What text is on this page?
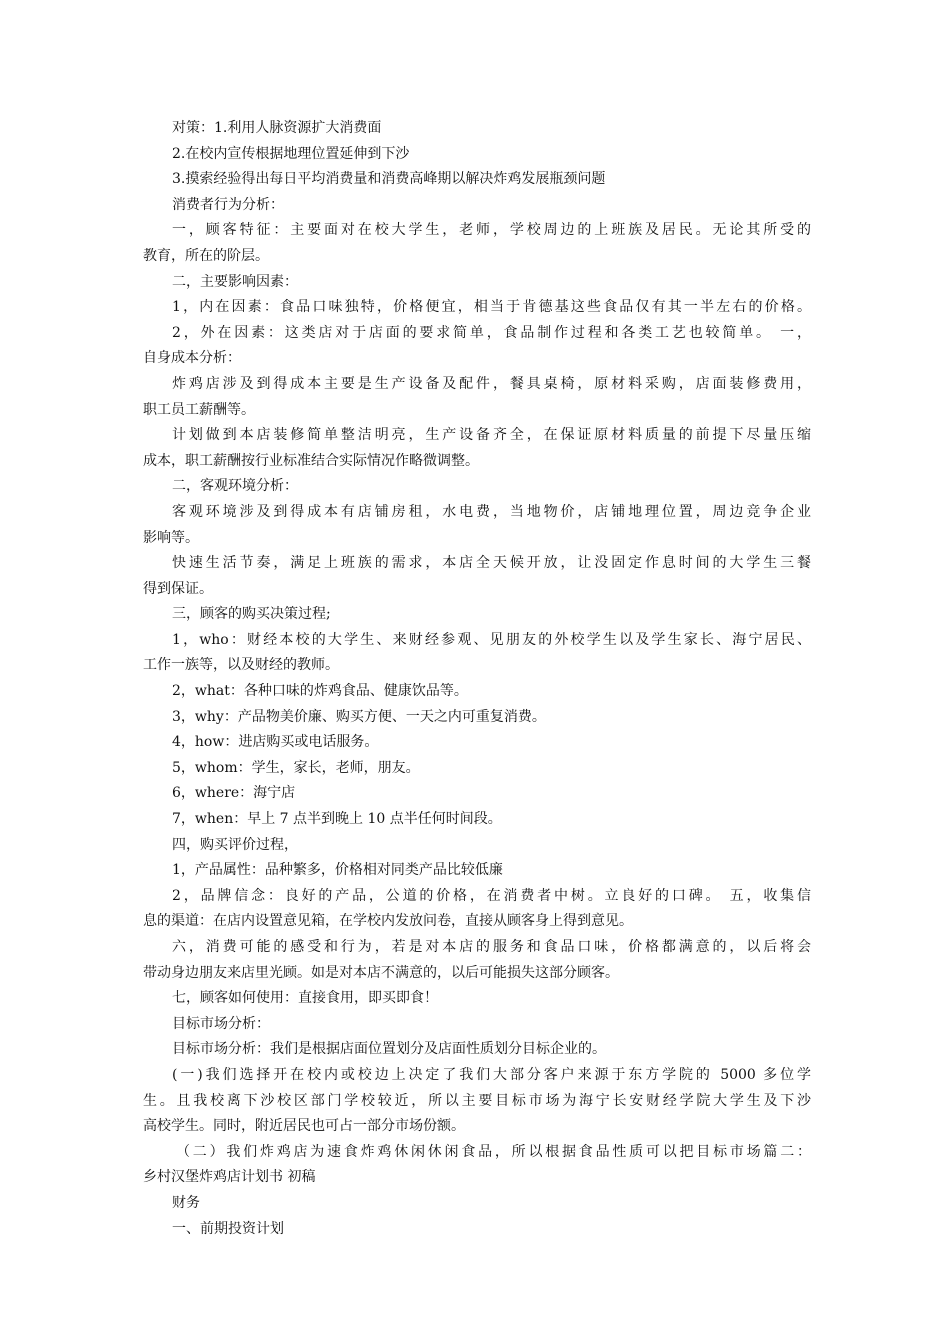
对策：1.利用人脉资源扩大消费面

2.在校内宣传根据地理位置延伸到下沙

3.摸索经验得出每日平均消费量和消费高峰期以解决炸鸡发展瓶颈问题

消费者行为分析：

一，顾客特征：主要面对在校大学生，老师，学校周边的上班族及居民。无论其所受的

教育，所在的阶层。

二，主要影响因素：

1，内在因素：食品口味独特，价格便宜，相当于肯德基这些食品仅有其一半左右的价格。

2，外在因素：这类店对于店面的要求简单，食品制作过程和各类工艺也较简单。 一，

自身成本分析：

炸鸡店涉及到得成本主要是生产设备及配件，餐具桌椅，原材料采购，店面装修费用，

职工员工薪酬等。

计划做到本店装修简单整洁明亮，生产设备齐全，在保证原材料质量的前提下尽量压缩

成本，职工薪酬按行业标准结合实际情况作略微调整。

二，客观环境分析：

客观环境涉及到得成本有店铺房租，水电费，当地物价，店铺地理位置，周边竞争企业

影响等。

快速生活节奏，满足上班族的需求，本店全天候开放，让没固定作息时间的大学生三餐

得到保证。

三，顾客的购买决策过程;

1，who：财经本校的大学生、来财经参观、见朋友的外校学生以及学生家长、海宁居民、

工作一族等，以及财经的教师。

2，what：各种口味的炸鸡食品、健康饮品等。

3，why：产品物美价廉、购买方便、一天之内可重复消费。

4，how：进店购买或电话服务。

5，whom：学生，家长，老师，朋友。

6，where：海宁店

7，when：早上 7 点半到晚上 10 点半任何时间段。

四，购买评价过程，

1，产品属性：品种繁多，价格相对同类产品比较低廉

2，品牌信念：良好的产品，公道的价格，在消费者中树。立良好的口碑。 五，收集信

息的渠道：在店内设置意见箱，在学校内发放问卷，直接从顾客身上得到意见。

六，消费可能的感受和行为，若是对本店的服务和食品口味，价格都满意的，以后将会

带动身边朋友来店里光顾。如是对本店不满意的，以后可能损失这部分顾客。

七，顾客如何使用：直接食用，即买即食！

目标市场分析：

目标市场分析：我们是根据店面位置划分及店面性质划分目标企业的。

(一)我们选择开在校内或校边上决定了我们大部分客户来源于东方学院的 5000 多位学

生。且我校离下沙校区部门学校较近，所以主要目标市场为海宁长安财经学院大学生及下沙

高校学生。同时，附近居民也可占一部分市场份额。

（二）我们炸鸡店为速食炸鸡休闲休闲食品，所以根据食品性质可以把目标市场篇二：

乡村汉堡炸鸡店计划书 初稿

财务

一、前期投资计划
